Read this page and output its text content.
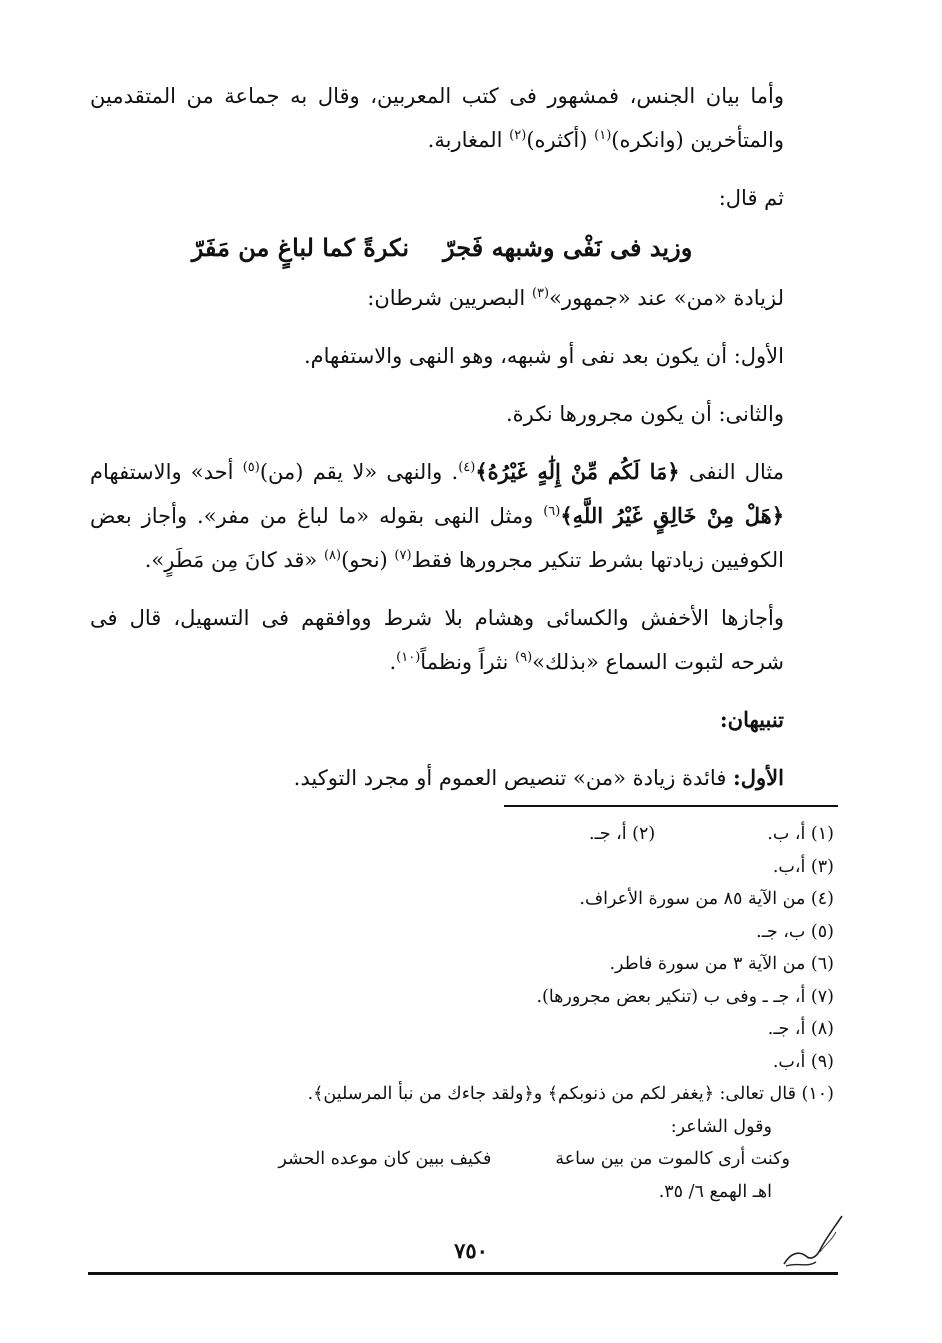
وأما بيان الجنس، فمشهور فى كتب المعربين، وقال به جماعة من المتقدمين والمتأخرين (وانكره)$^{(١)}$ (أكثره)$^{(٢)}$ المغاربة.

ثم قال:

وزيد فى نَفْى وشبهه فَجرّنكرةً كما لباغٍ من مَفَرّ

لزيادة «من» عند «جمهور»$^{(٣)}$ البصريين شرطان:

الأول: أن يكون بعد نفى أو شبهه، وهو النهى والاستفهام.

والثانى: أن يكون مجرورها نكرة.

مثال النفى ﴿مَا لَكُم مِّنْ إِلَٰهٍ غَيْرُهُ﴾$^{(٤)}$. والنهى «لا يقم (من)$^{(٥)}$ أحد» والاستفهام ﴿هَلْ مِنْ خَالِقٍ غَيْرُ اللَّهِ﴾$^{(٦)}$ ومثل النهى بقوله «ما لباغ من مفر». وأجاز بعض الكوفيين زيادتها بشرط تنكير مجرورها فقط$^{(٧)}$ (نحو)$^{(٨)}$ «قد كانَ مِن مَطَرٍ».

وأجازها الأخفش والكسائى وهشام بلا شرط ووافقهم فى التسهيل، قال فى شرحه لثبوت السماع «بذلك»$^{(٩)}$ نثراً ونظماً$^{(١٠)}$.

تنبيهان:

الأول: فائدة زيادة «من» تنصيص العموم أو مجرد التوكيد.

(١) أ، ب.(٢) أ، جـ.
(٣) أ،ب.
(٤) من الآية ٨٥ من سورة الأعراف.
(٥) ب، جـ.
(٦) من الآية ٣ من سورة فاطر.
(٧) أ، جـ ـ وفى ب (تنكير بعض مجرورها).
(٨) أ، جـ.
(٩) أ،ب.
(١٠) قال تعالى: ﴿يغفر لكم من ذنوبكم﴾ و﴿ولقد جاءك من نبأ المرسلين﴾.
وقول الشاعر:
وكنت أرى كالموت من بين ساعةفكيف ببين كان موعده الحشر
اهـ الهمع ٦/ ٣٥.
٧٥٠
